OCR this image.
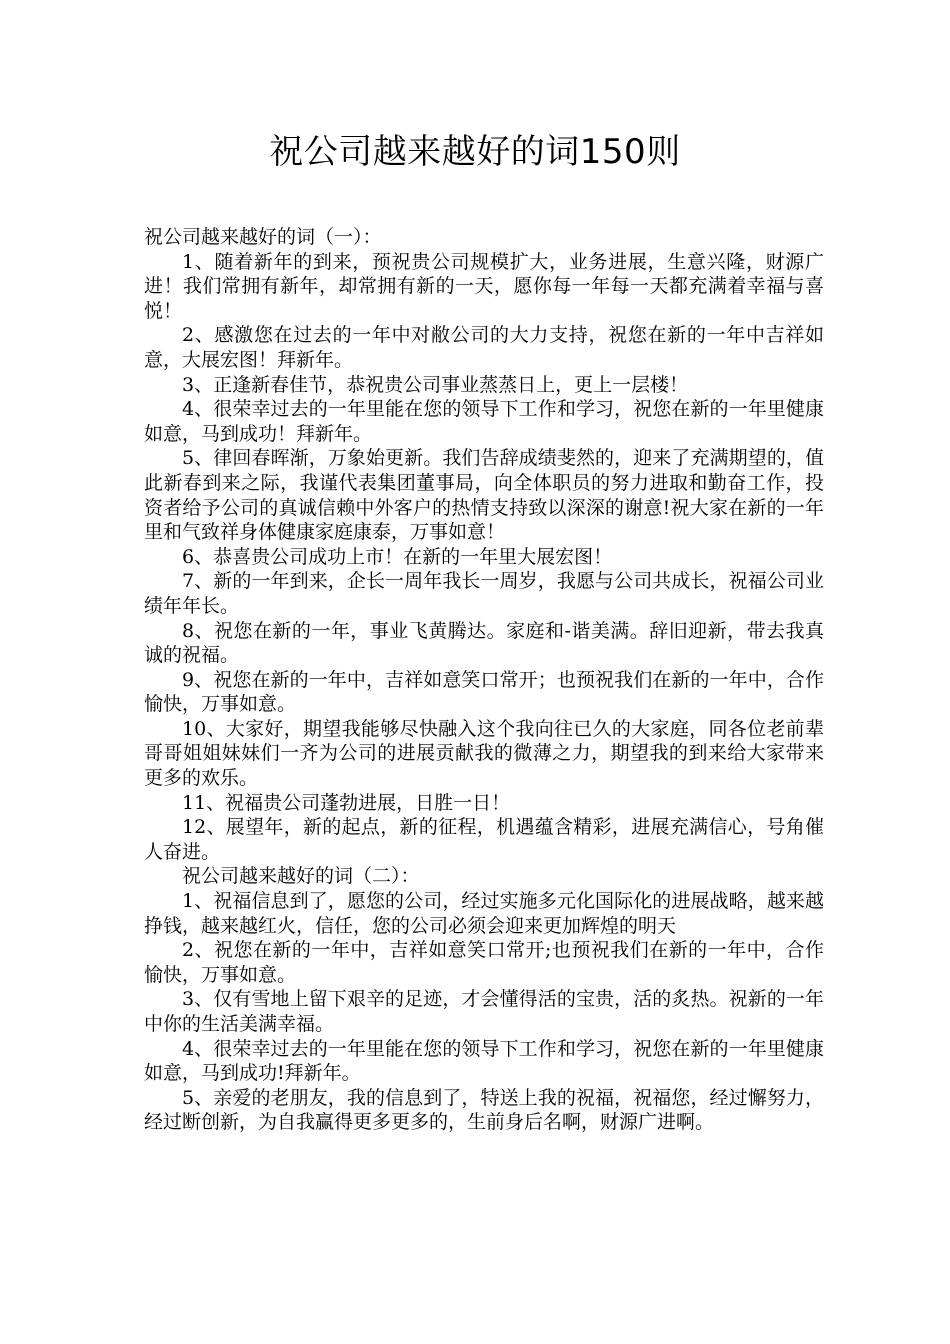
祝公司越来越好的词150则

祝公司越来越好的词（一）：

1、随着新年的到来，预祝贵公司规模扩大，业务进展，生意兴隆，财源广进！我们常拥有新年，却常拥有新的一天，愿你每一年每一天都充满着幸福与喜悦！

2、感激您在过去的一年中对敝公司的大力支持，祝您在新的一年中吉祥如意，大展宏图！拜新年。

3、正逢新春佳节，恭祝贵公司事业蒸蒸日上，更上一层楼！

4、很荣幸过去的一年里能在您的领导下工作和学习，祝您在新的一年里健康如意，马到成功！拜新年。

5、律回春晖渐，万象始更新。我们告辞成绩斐然的，迎来了充满期望的，值此新春到来之际，我谨代表集团董事局，向全体职员的努力进取和勤奋工作，投资者给予公司的真诚信赖中外客户的热情支持致以深深的谢意!祝大家在新的一年里和气致祥身体健康家庭康泰，万事如意！

6、恭喜贵公司成功上市！在新的一年里大展宏图！

7、新的一年到来，企长一周年我长一周岁，我愿与公司共成长，祝福公司业绩年年长。

8、祝您在新的一年，事业飞黄腾达。家庭和-谐美满。辞旧迎新，带去我真诚的祝福。

9、祝您在新的一年中，吉祥如意笑口常开；也预祝我们在新的一年中，合作愉快，万事如意。

10、大家好，期望我能够尽快融入这个我向往已久的大家庭，同各位老前辈哥哥姐姐妹妹们一齐为公司的进展贡献我的微薄之力，期望我的到来给大家带来更多的欢乐。

11、祝福贵公司蓬勃进展，日胜一日！

12、展望年，新的起点，新的征程，机遇蕴含精彩，进展充满信心，号角催人奋进。

祝公司越来越好的词（二）：

1、祝福信息到了，愿您的公司，经过实施多元化国际化的进展战略，越来越挣钱，越来越红火，信任，您的公司必须会迎来更加辉煌的明天

2、祝您在新的一年中，吉祥如意笑口常开;也预祝我们在新的一年中，合作愉快，万事如意。

3、仅有雪地上留下艰辛的足迹，才会懂得活的宝贵，活的炙热。祝新的一年中你的生活美满幸福。

4、很荣幸过去的一年里能在您的领导下工作和学习，祝您在新的一年里健康如意，马到成功!拜新年。

5、亲爱的老朋友，我的信息到了，特送上我的祝福，祝福您，经过懈努力，经过断创新，为自我赢得更多更多的，生前身后名啊，财源广进啊。
